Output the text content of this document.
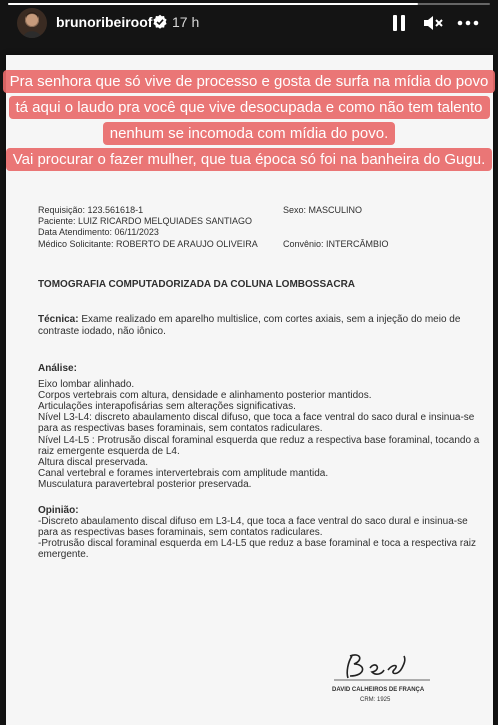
brunoribeiroof 17 h
Pra senhora que só vive de processo e gosta de surfa na mídia do povo
tá aqui o laudo pra você que vive desocupada e como não tem talento
nenhum se incomoda com mídia do povo.
Vai procurar o fazer mulher, que tua época só foi na banheira do Gugu.
Requisição: 123.561618-1
Paciente: LUIZ RICARDO MELQUIADES SANTIAGO
Data Atendimento: 06/11/2023
Médico Solicitante: ROBERTO DE ARAUJO OLIVEIRA
Sexo: MASCULINO
Convênio: INTERCÂMBIO
TOMOGRAFIA COMPUTADORIZADA DA COLUNA LOMBOSSACRA
Técnica: Exame realizado em aparelho multislice, com cortes axiais, sem a injeção do meio de
contraste iodado, não iônico.
Análise:
Eixo lombar alinhado.
Corpos vertebrais com altura, densidade e alinhamento posterior mantidos.
Articulações interapofisárias sem alterações significativas.
Nível L3-L4: discreto abaulamento discal difuso, que toca a face ventral do saco dural e insinua-se
para as respectivas bases foraminais, sem contatos radiculares.
Nível L4-L5 : Protrusão discal foraminal esquerda que reduz a respectiva base foraminal, tocando a
raiz emergente esquerda de L4.
Altura discal preservada.
Canal vertebral e forames intervertebrais com amplitude mantida.
Musculatura paravertebral posterior preservada.
Opinião:
-Discreto abaulamento discal difuso em L3-L4, que toca a face ventral do saco dural e insinua-se
para as respectivas bases foraminais, sem contatos radiculares.
-Protrusão discal foraminal esquerda em L4-L5 que reduz a base foraminal e toca a respectiva raiz
emergente.
DAVID CALHEIROS DE FRANÇA
CRM: 1925
